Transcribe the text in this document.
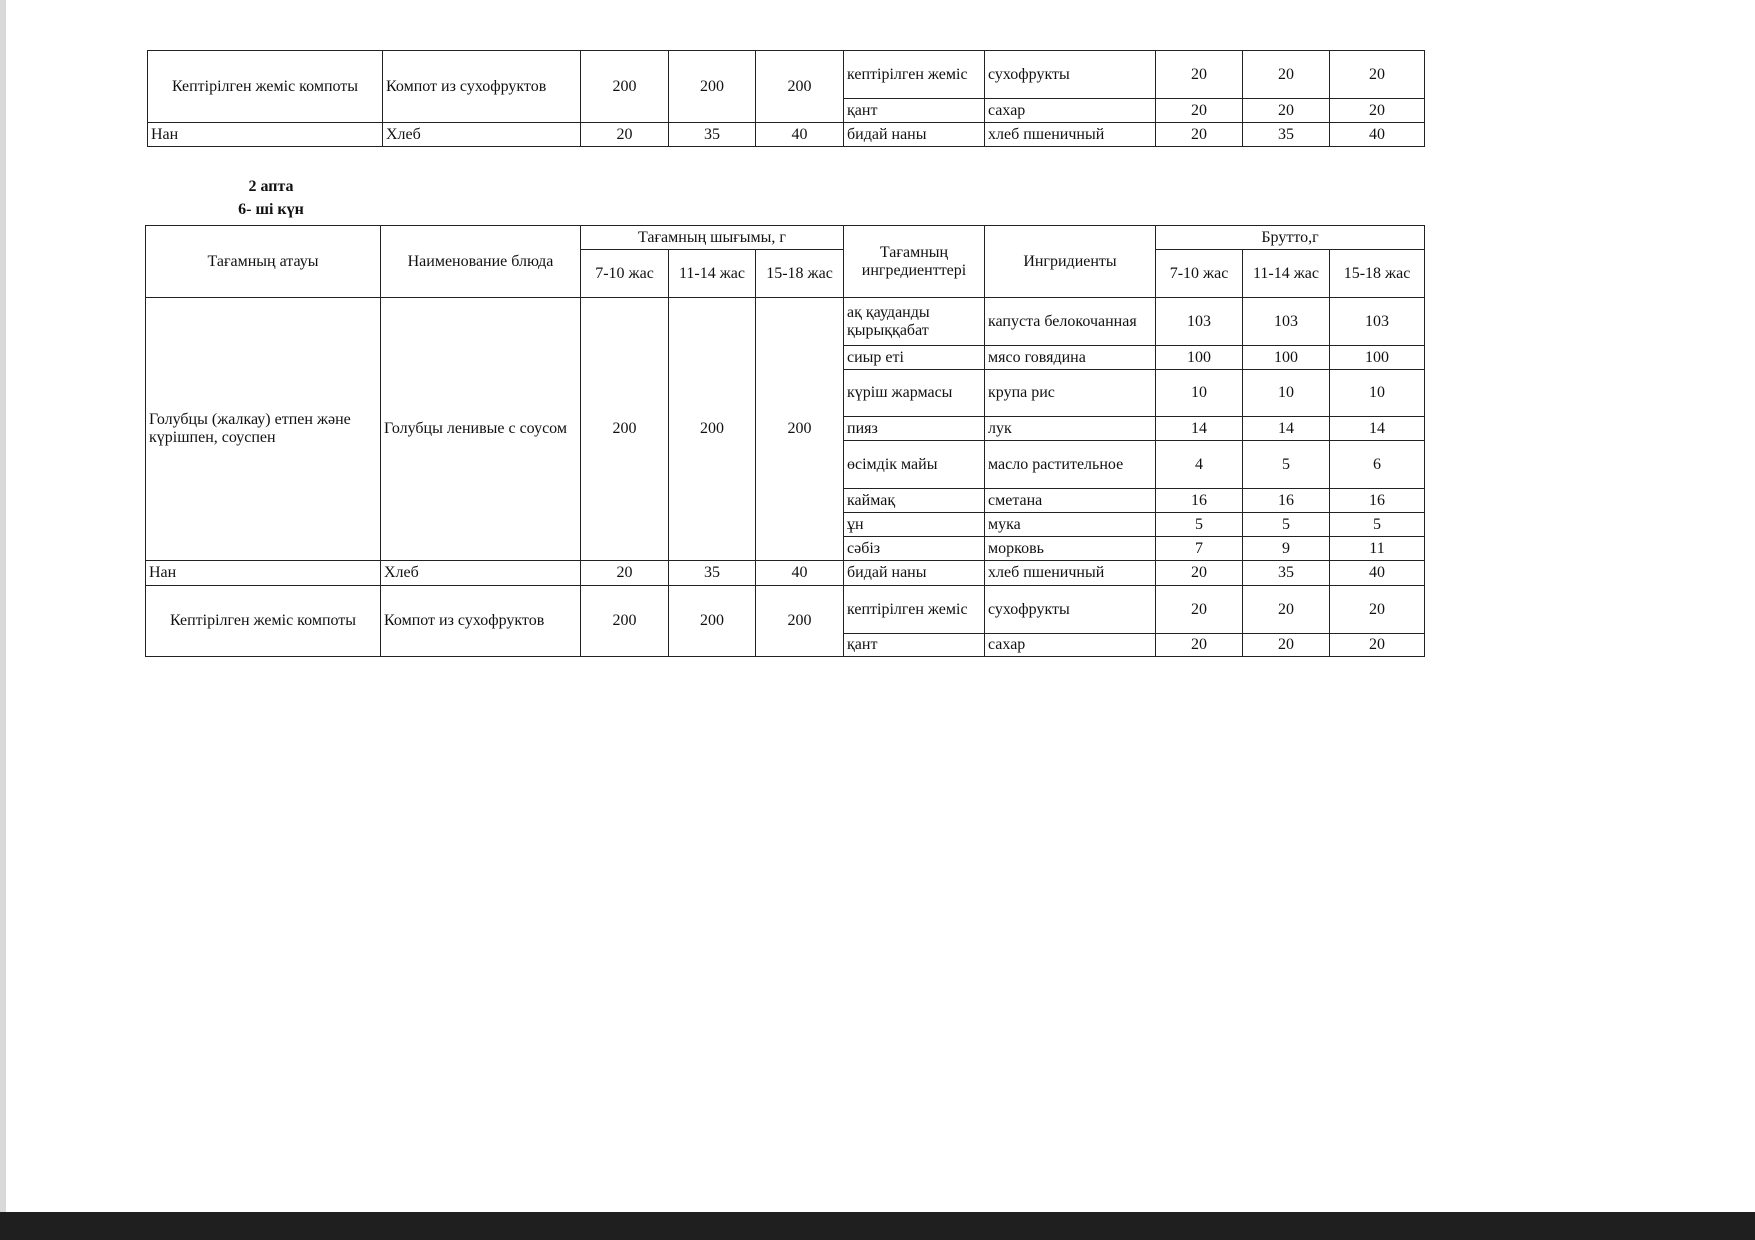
Кептiрiлген жемiс компоты	Компот из сухофруктов	200	200	200	кептiрiлген жемiс	сухофрукты	20	20	20
					қант	сахар	20	20	20
Нан	Хлеб	20	35	40	бидай наны	хлеб пшеничный	20	35	40
2 апта
6- шi күн
Тағамның атауы	Наименование блюда	Тағамның шығымы, г			Тағамның ингредиенттерi	Ингридиенты	Брутто,г		
		7-10 жас	11-14 жас	15-18 жас			7-10 жас	11-14 жас	15-18 жас
Голубцы (жалкау) етпен және күрiшпен, соуспен	Голубцы ленивые с соусом	200	200	200	ақ қауданды қырыққабат	капуста белокочанная	103	103	103
					сиыр етi	мясо говядина	100	100	100
					күрiш жармасы	крупа рис	10	10	10
					пияз	лук	14	14	14
					өсiмдiк майы	масло растительное	4	5	6
					каймақ	сметана	16	16	16
					ұн	мука	5	5	5
					сәбiз	морковь	7	9	11
Нан	Хлеб	20	35	40	бидай наны	хлеб пшеничный	20	35	40
Кептiрiлген жемiс компоты	Компот из сухофруктов	200	200	200	кептiрiлген жемiс	сухофрукты	20	20	20
					қант	сахар	20	20	20
